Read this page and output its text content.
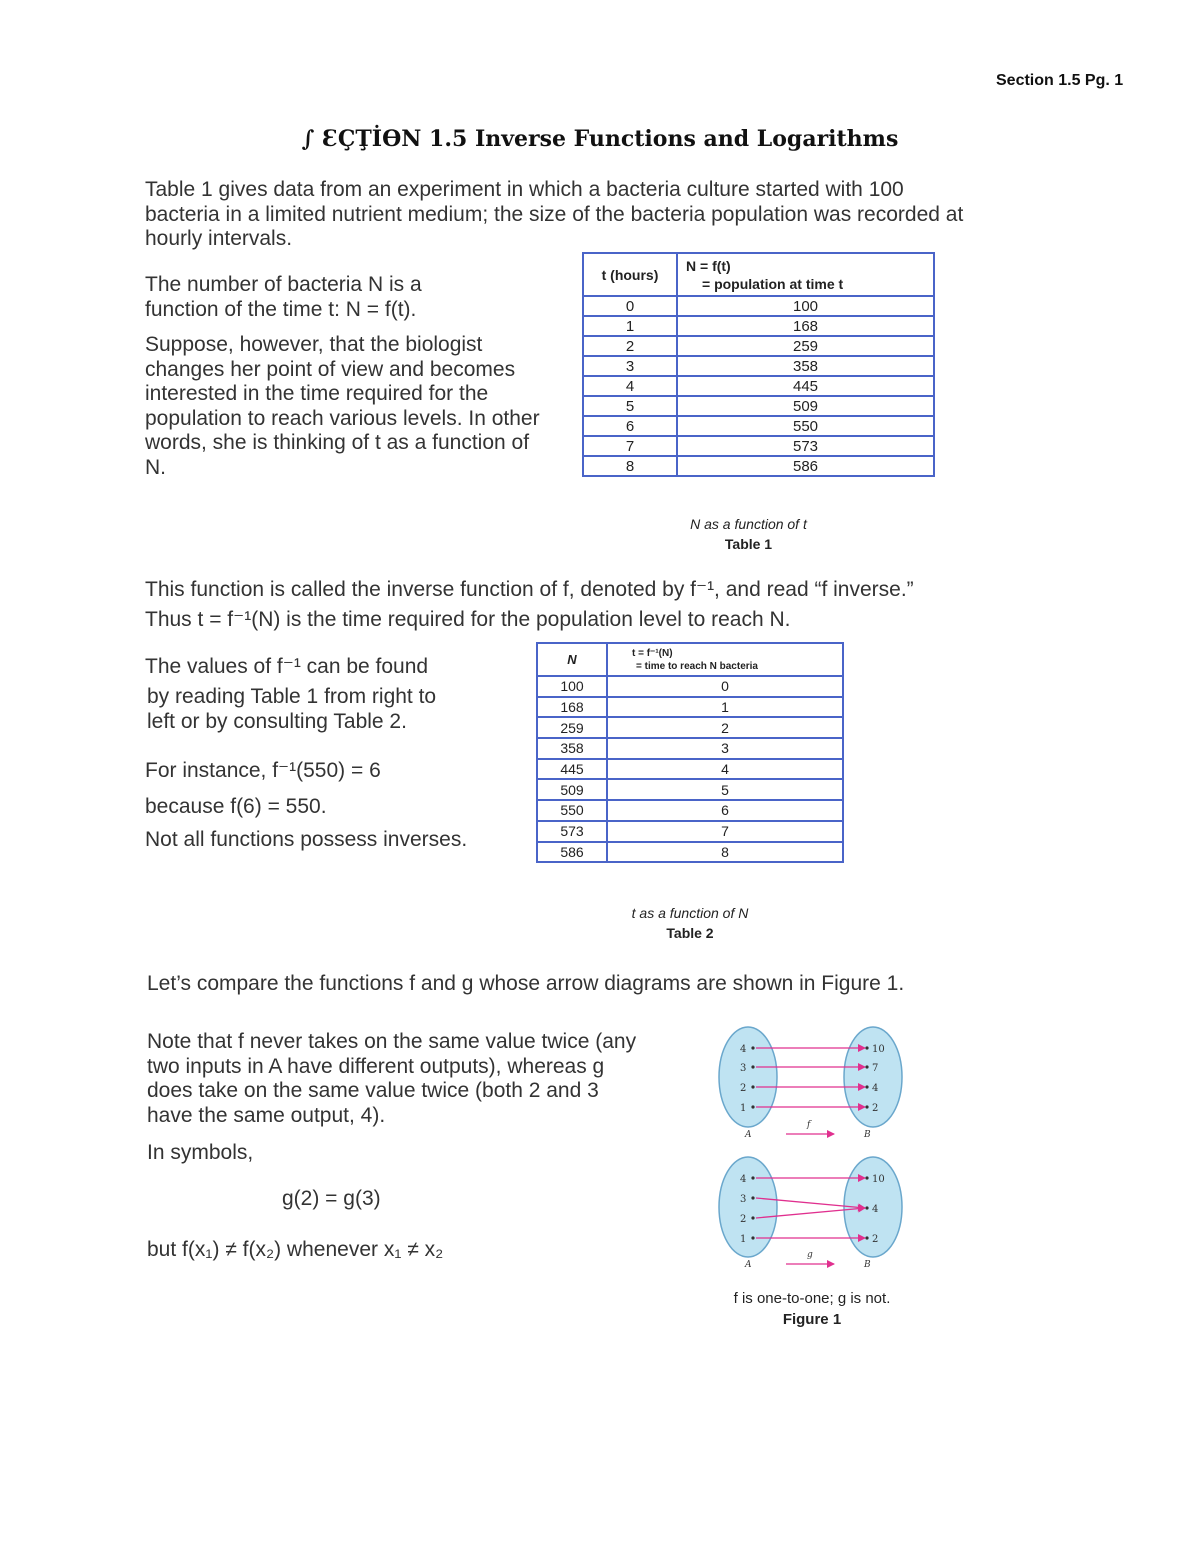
Section 1.5 Pg. 1
∫ ƐÇŢİϴN 1.5 Inverse Functions and Logarithms

Table 1 gives data from an experiment in which a bacteria culture started with 100 bacteria in a limited nutrient medium; the size of the bacteria population was recorded at hourly intervals.

The number of bacteria N is a function of the time t: N = f(t).

Suppose, however, that the biologist changes her point of view and becomes interested in the time required for the population to reach various levels. In other words, she is thinking of t as a function of N.

t (hours)	N = f(t)
= population at time t
0	100
1	168
2	259
3	358
4	445
5	509
6	550
7	573
8	586
N as a function of t
Table 1

This function is called the inverse function of f, denoted by f⁻¹, and read “f inverse.”

Thus t = f⁻¹(N) is the time required for the population level to reach N.

The values of f⁻¹ can be found

by reading Table 1 from right to left or by consulting Table 2.

For instance, f⁻¹(550) = 6

because f(6) = 550.

Not all functions possess inverses.

N	t = f⁻¹(N)
= time to reach N bacteria
100	0
168	1
259	2
358	3
445	4
509	5
550	6
573	7
586	8
t as a function of N
Table 2

Let’s compare the functions f and g whose arrow diagrams are shown in Figure 1.

Note that f never takes on the same value twice (any two inputs in A have different outputs), whereas g does take on the same value twice (both 2 and 3 have the same output, 4).

In symbols,

g(2) = g(3)

but f(x₁) ≠ f(x₂) whenever x₁ ≠ x₂

4
3
2
1
10
7
4
2
A	B
f
4
3
2
1
10
4
2
A	B
g
f is one-to-one; g is not.
Figure 1
